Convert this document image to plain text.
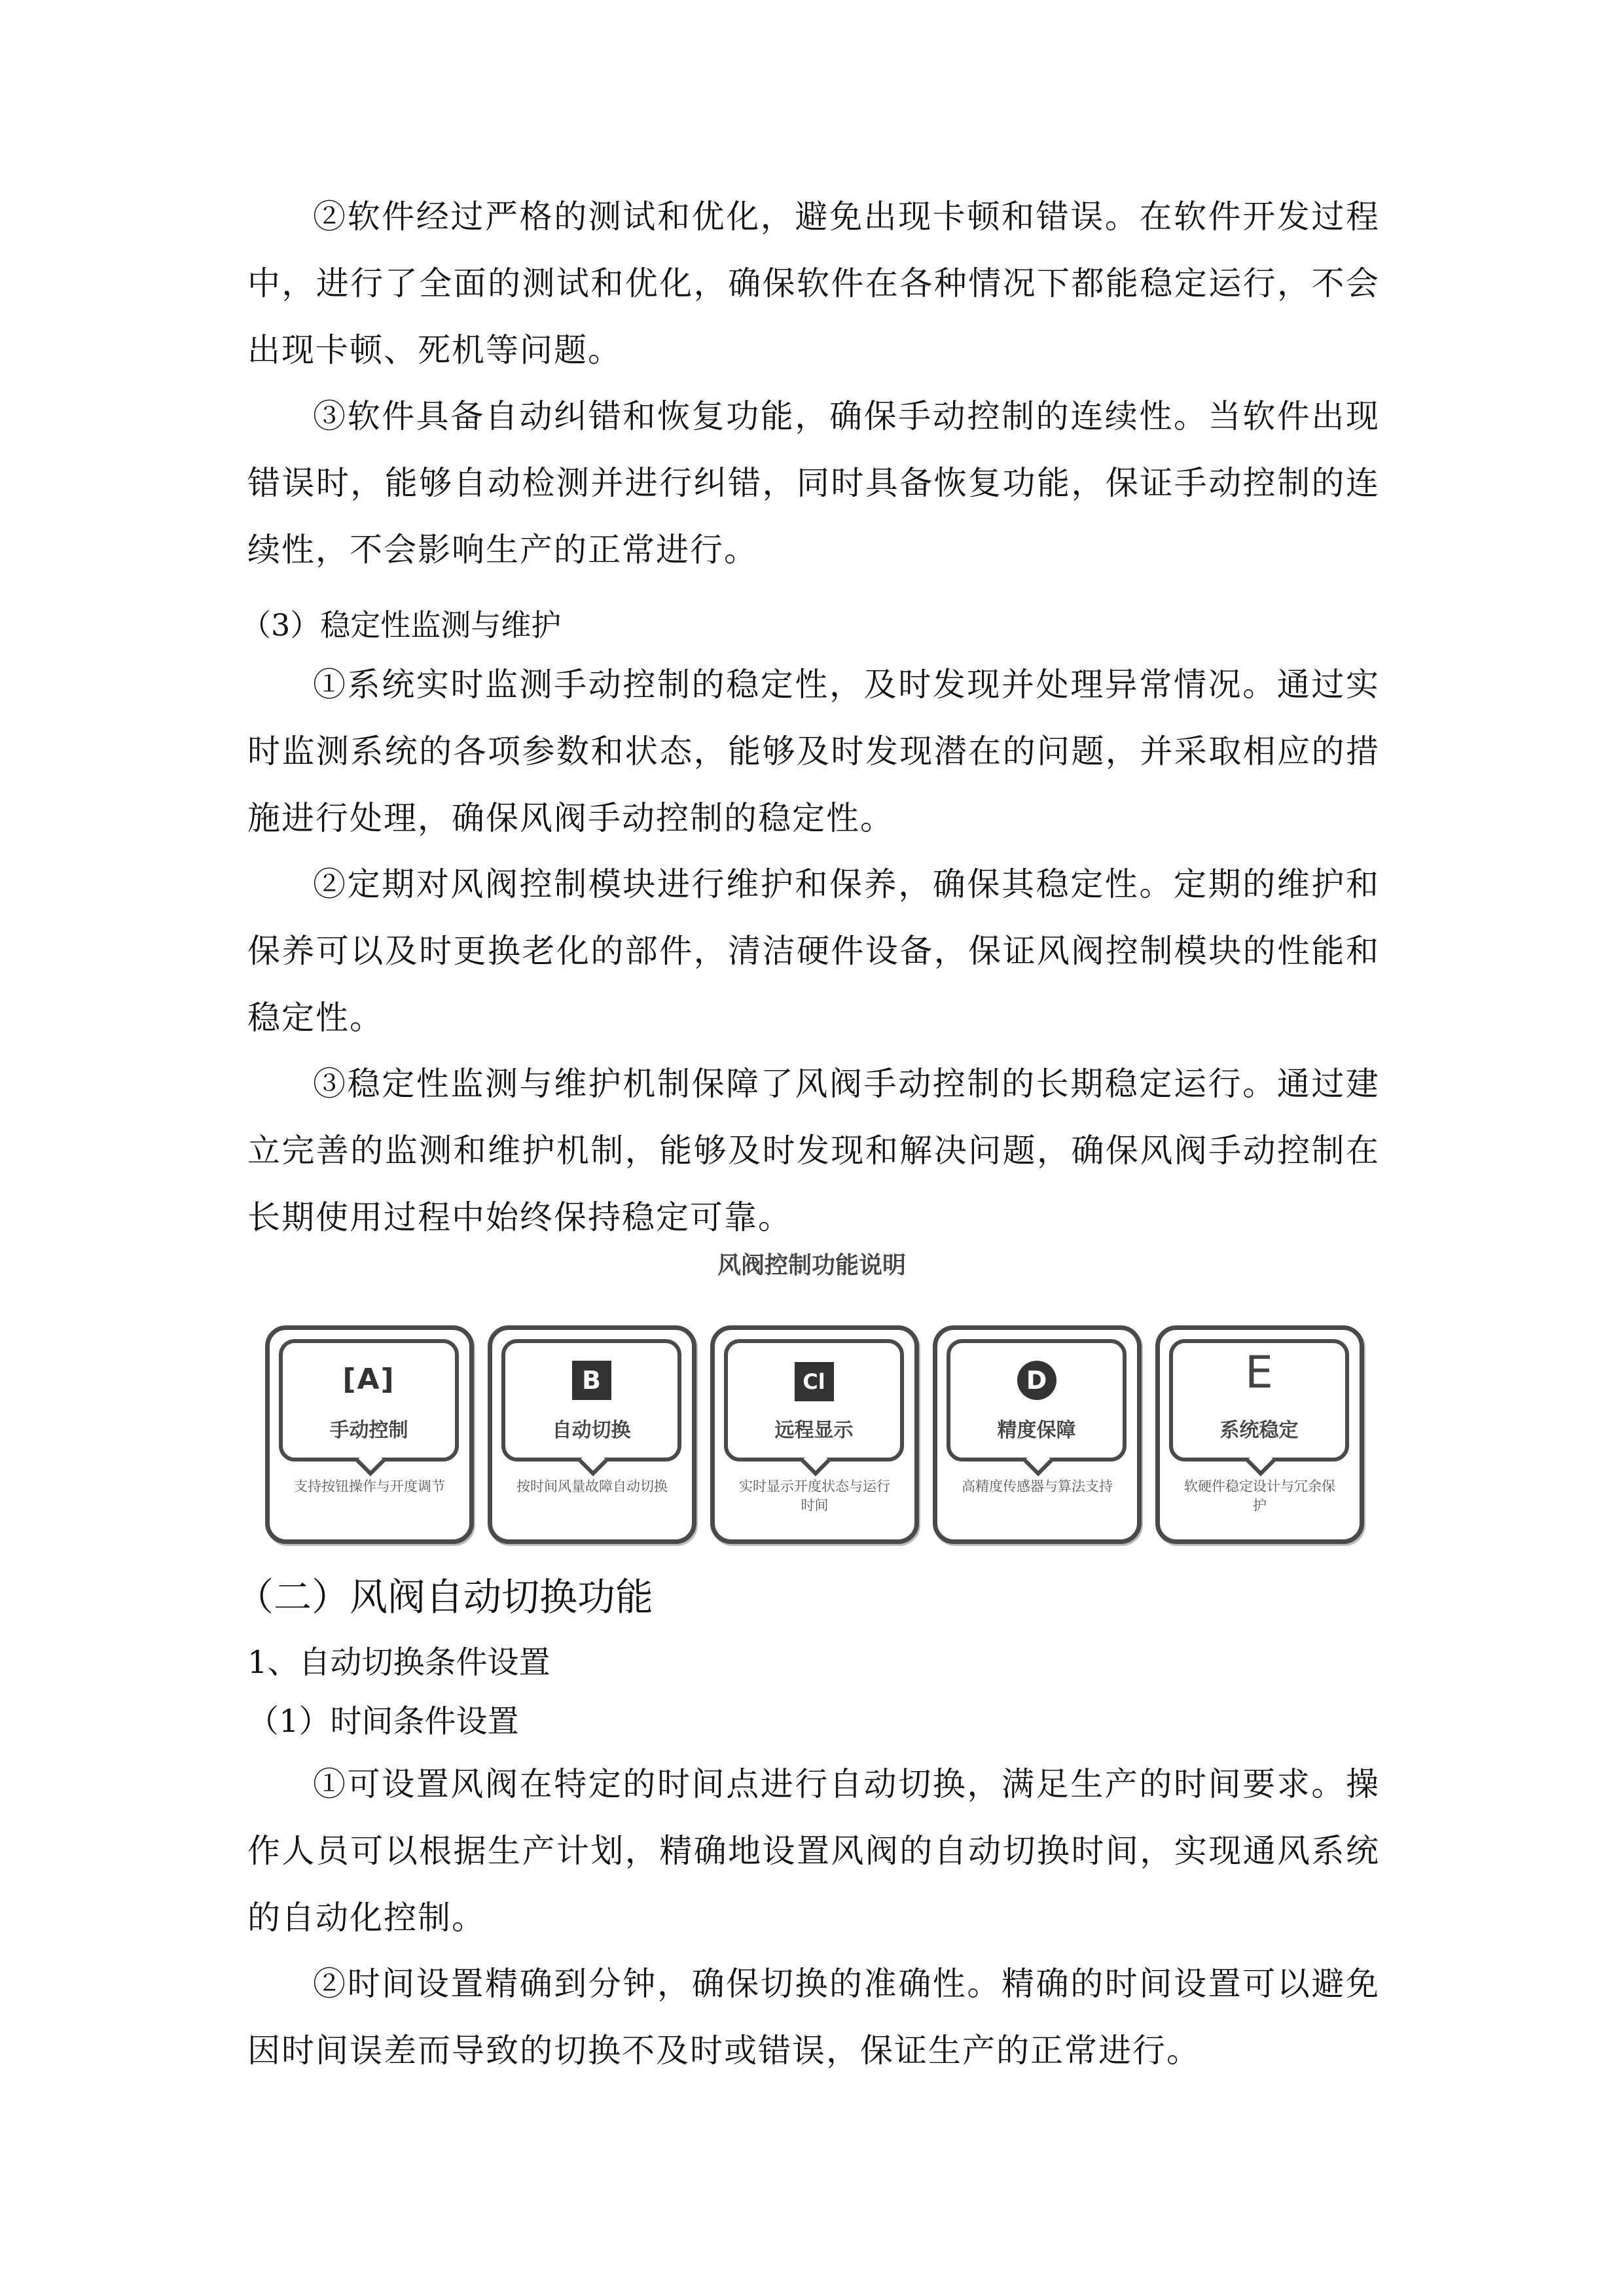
②软件经过严格的测试和优化，避免出现卡顿和错误。在软件开发过程中，进行了全面的测试和优化，确保软件在各种情况下都能稳定运行，不会出现卡顿、死机等问题。

③软件具备自动纠错和恢复功能，确保手动控制的连续性。当软件出现错误时，能够自动检测并进行纠错，同时具备恢复功能，保证手动控制的连续性，不会影响生产的正常进行。

（3）稳定性监测与维护

①系统实时监测手动控制的稳定性，及时发现并处理异常情况。通过实时监测系统的各项参数和状态，能够及时发现潜在的问题，并采取相应的措施进行处理，确保风阀手动控制的稳定性。

②定期对风阀控制模块进行维护和保养，确保其稳定性。定期的维护和保养可以及时更换老化的部件，清洁硬件设备，保证风阀控制模块的性能和稳定性。

③稳定性监测与维护机制保障了风阀手动控制的长期稳定运行。通过建立完善的监测和维护机制，能够及时发现和解决问题，确保风阀手动控制在长期使用过程中始终保持稳定可靠。

风阀控制功能说明
[A]
手动控制
支持按钮操作与开度调节
B
自动切换
按时间风量故障自动切换
Cl
远程显示
实时显示开度状态与运行时间
D
精度保障
高精度传感器与算法支持
E
系统稳定
软硬件稳定设计与冗余保护

（二）风阀自动切换功能

1、自动切换条件设置

（1）时间条件设置

①可设置风阀在特定的时间点进行自动切换，满足生产的时间要求。操作人员可以根据生产计划，精确地设置风阀的自动切换时间，实现通风系统的自动化控制。

②时间设置精确到分钟，确保切换的准确性。精确的时间设置可以避免因时间误差而导致的切换不及时或错误，保证生产的正常进行。
